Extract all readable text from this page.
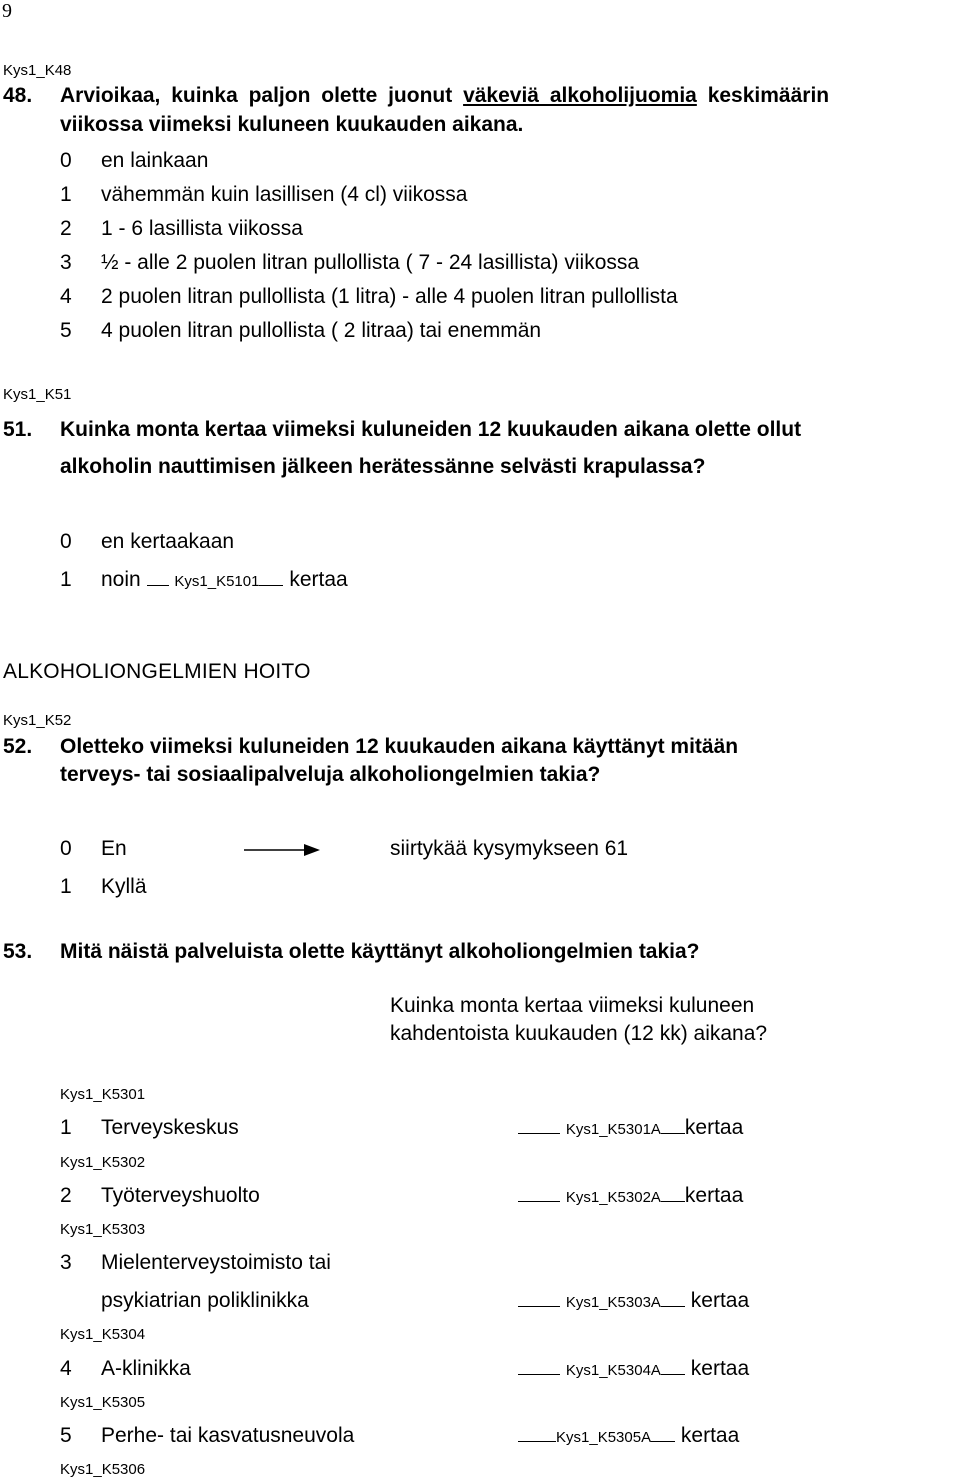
9
Kys1_K48
48. Arvioikaa, kuinka paljon olette juonut väkeviä alkoholijuomia keskimäärin
viikossa viimeksi kuluneen kuukauden aikana.
0 en lainkaan
1 vähemmän kuin lasillisen (4 cl) viikossa
2 1 - 6 lasillista viikossa
3 ½ - alle 2 puolen litran pullollista ( 7 - 24 lasillista) viikossa
4 2 puolen litran pullollista (1 litra) - alle 4 puolen litran pullollista
5 4 puolen litran pullollista ( 2 litraa) tai enemmän
Kys1_K51
51. Kuinka monta kertaa viimeksi kuluneiden 12 kuukauden aikana olette ollut
alkoholin nauttimisen jälkeen herätessänne selvästi krapulassa?
0 en kertaakaan
1 noin Kys1_K5101 kertaa
ALKOHOLIONGELMIEN HOITO
Kys1_K52
52. Oletteko viimeksi kuluneiden 12 kuukauden aikana käyttänyt mitään
terveys- tai sosiaalipalveluja alkoholiongelmien takia?
0 En	siirtykää kysymykseen 61
1 Kyllä
53. Mitä näistä palveluista olette käyttänyt alkoholiongelmien takia?
Kuinka monta kertaa viimeksi kuluneen
kahdentoista kuukauden (12 kk) aikana?
Kys1_K5301
1 Terveyskeskus	Kys1_K5301A kertaa
Kys1_K5302
2 Työterveyshuolto	Kys1_K5302A kertaa
Kys1_K5303
3 Mielenterveystoimisto tai
psykiatrian poliklinikka	Kys1_K5303A kertaa
Kys1_K5304
4 A-klinikka	Kys1_K5304A kertaa
Kys1_K5305
5 Perhe- tai kasvatusneuvola	Kys1_K5305A kertaa
Kys1_K5306
